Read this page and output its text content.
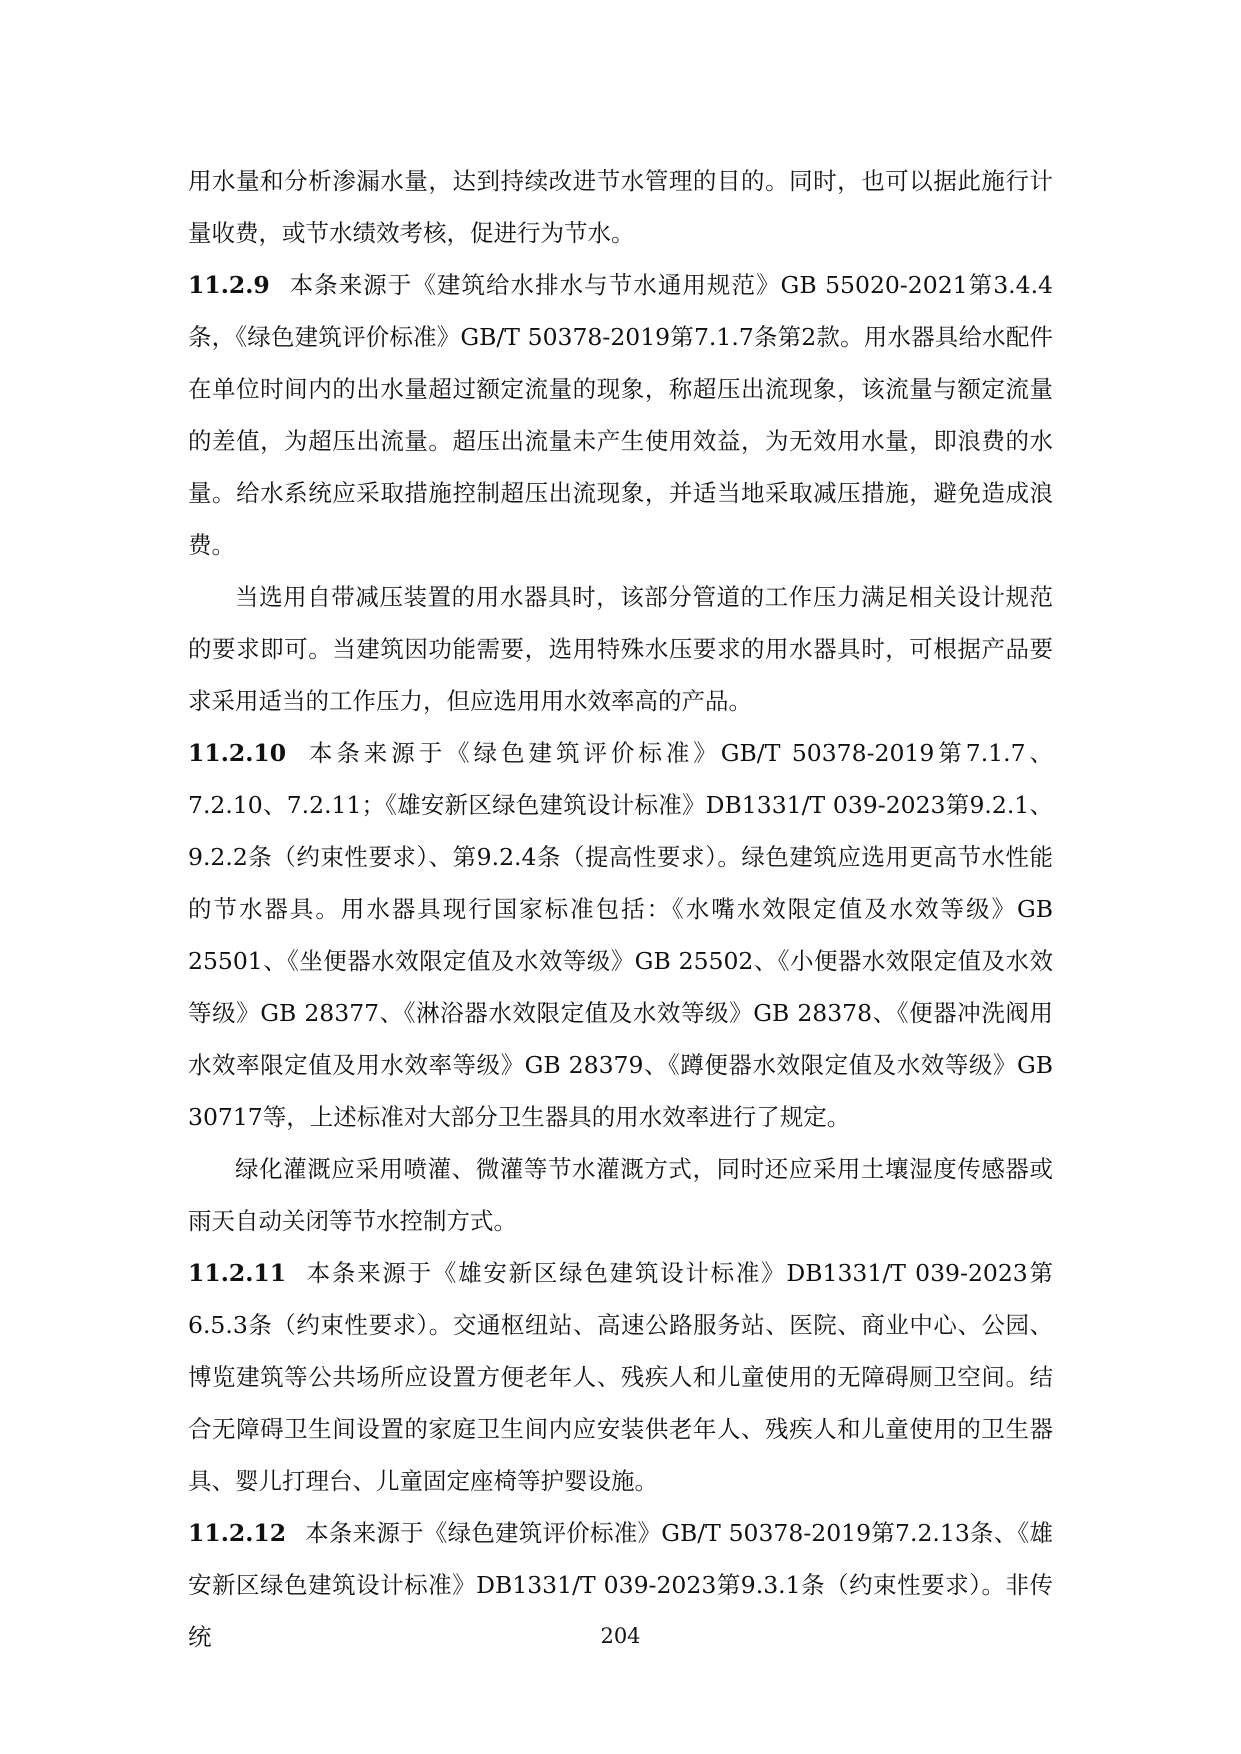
用水量和分析渗漏水量，达到持续改进节水管理的目的。同时，也可以据此施行计量收费，或节水绩效考核，促进行为节水。

11.2.9 本条来源于《建筑给水排水与节水通用规范》GB 55020-2021第3.4.4条，《绿色建筑评价标准》GB/T 50378-2019第7.1.7条第2款。用水器具给水配件在单位时间内的出水量超过额定流量的现象，称超压出流现象，该流量与额定流量的差值，为超压出流量。超压出流量未产生使用效益，为无效用水量，即浪费的水量。给水系统应采取措施控制超压出流现象，并适当地采取减压措施，避免造成浪费。

当选用自带减压装置的用水器具时，该部分管道的工作压力满足相关设计规范的要求即可。当建筑因功能需要，选用特殊水压要求的用水器具时，可根据产品要求采用适当的工作压力，但应选用用水效率高的产品。

11.2.10 本条来源于《绿色建筑评价标准》GB/T 50378-2019第7.1.7、7.2.10、7.2.11；《雄安新区绿色建筑设计标准》DB1331/T 039-2023第9.2.1、9.2.2条（约束性要求）、第9.2.4条（提高性要求）。绿色建筑应选用更高节水性能的节水器具。用水器具现行国家标准包括：《水嘴水效限定值及水效等级》GB 25501、《坐便器水效限定值及水效等级》GB 25502、《小便器水效限定值及水效等级》GB 28377、《淋浴器水效限定值及水效等级》GB 28378、《便器冲洗阀用水效率限定值及用水效率等级》GB 28379、《蹲便器水效限定值及水效等级》GB 30717等，上述标准对大部分卫生器具的用水效率进行了规定。

绿化灌溉应采用喷灌、微灌等节水灌溉方式，同时还应采用土壤湿度传感器或雨天自动关闭等节水控制方式。

11.2.11 本条来源于《雄安新区绿色建筑设计标准》DB1331/T 039-2023第6.5.3条（约束性要求）。交通枢纽站、高速公路服务站、医院、商业中心、公园、博览建筑等公共场所应设置方便老年人、残疾人和儿童使用的无障碍厕卫空间。结合无障碍卫生间设置的家庭卫生间内应安装供老年人、残疾人和儿童使用的卫生器具、婴儿打理台、儿童固定座椅等护婴设施。

11.2.12 本条来源于《绿色建筑评价标准》GB/T 50378-2019第7.2.13条、《雄安新区绿色建筑设计标准》DB1331/T 039-2023第9.3.1条（约束性要求）。非传统	204
